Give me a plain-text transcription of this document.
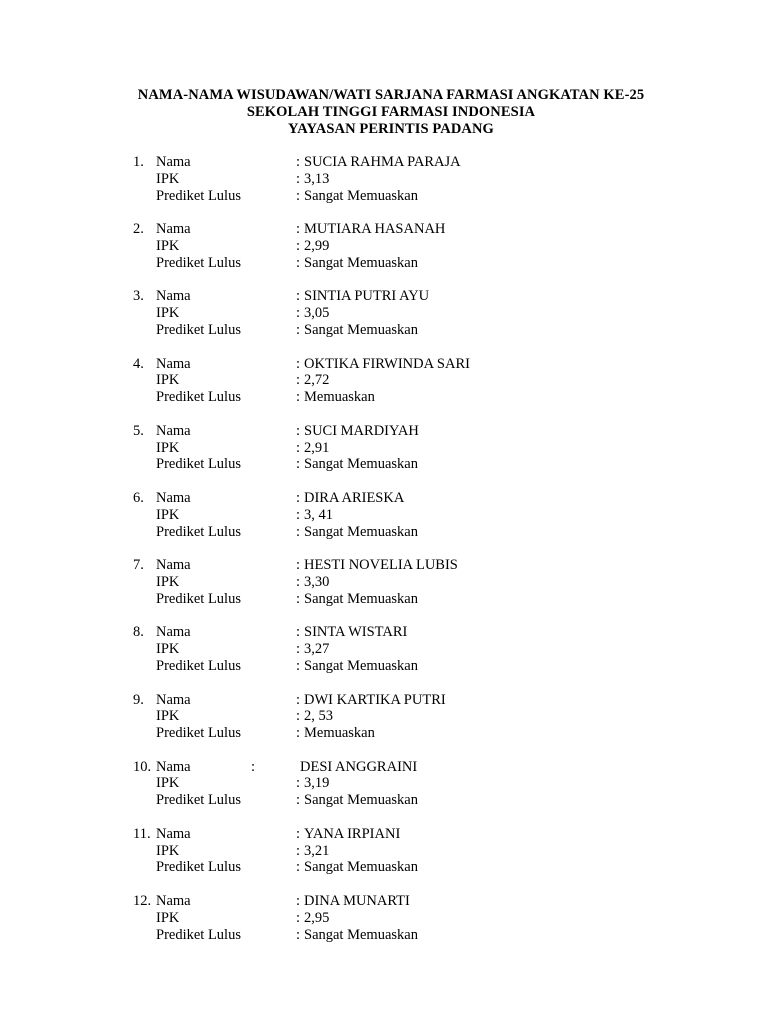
NAMA-NAMA WISUDAWAN/WATI SARJANA FARMASI ANGKATAN KE-25
SEKOLAH TINGGI FARMASI INDONESIA
YAYASAN PERINTIS PADANG
1. Nama	: SUCIA RAHMA PARAJA
IPK	: 3,13
Prediket Lulus	: Sangat Memuaskan
2. Nama	: MUTIARA HASANAH
IPK	: 2,99
Prediket Lulus	: Sangat Memuaskan
3. Nama	: SINTIA PUTRI AYU
IPK	: 3,05
Prediket Lulus	: Sangat Memuaskan
4. Nama	: OKTIKA FIRWINDA SARI
IPK	: 2,72
Prediket Lulus	: Memuaskan
5. Nama	: SUCI MARDIYAH
IPK	: 2,91
Prediket Lulus	: Sangat Memuaskan
6. Nama	: DIRA ARIESKA
IPK	: 3, 41
Prediket Lulus	: Sangat Memuaskan
7. Nama	: HESTI NOVELIA LUBIS
IPK	: 3,30
Prediket Lulus	: Sangat Memuaskan
8. Nama	: SINTA WISTARI
IPK	: 3,27
Prediket Lulus	: Sangat Memuaskan
9. Nama	: DWI KARTIKA PUTRI
IPK	: 2, 53
Prediket Lulus	: Memuaskan
10. Nama	:	DESI ANGGRAINI
IPK	: 3,19
Prediket Lulus	: Sangat Memuaskan
11. Nama	: YANA IRPIANI
IPK	: 3,21
Prediket Lulus	: Sangat Memuaskan
12. Nama	: DINA MUNARTI
IPK	: 2,95
Prediket Lulus	: Sangat Memuaskan
